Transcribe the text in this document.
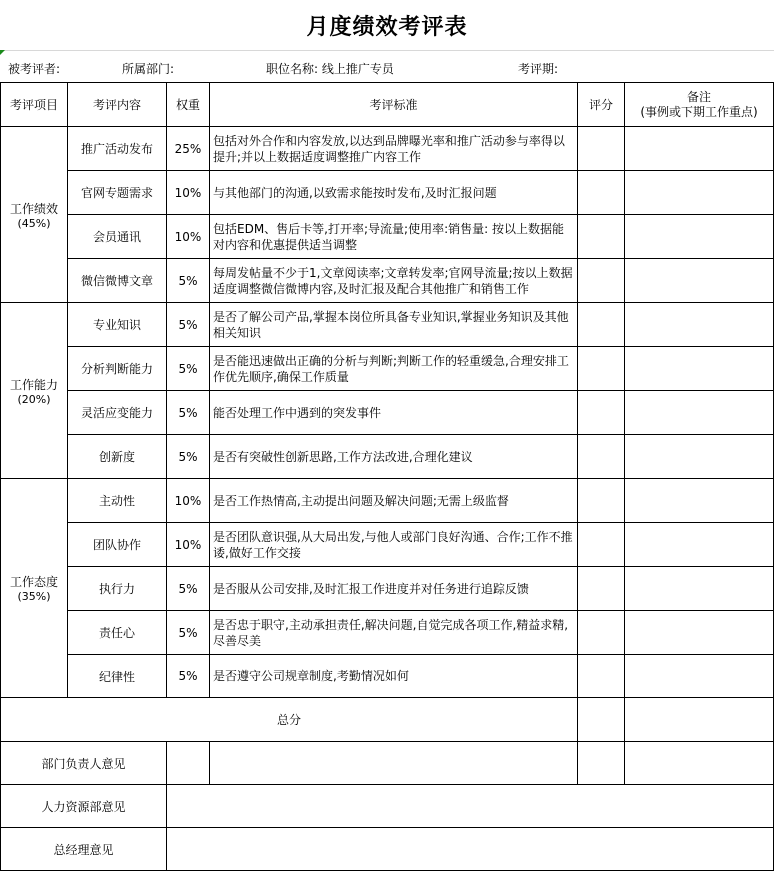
月度绩效考评表
被考评者:	所属部门:	职位名称: 线上推广专员	考评期:
考评项目	考评内容	权重	考评标准	评分	备注
(事例或下期工作重点)

工作绩效
(45%)	推广活动发布	25%	包括对外合作和内容发放,以达到品牌曝光率和推广活动参与率得以提升;并以上数据适度调整推广内容工作		
	官网专题需求	10%	与其他部门的沟通,以致需求能按时发布,及时汇报问题		
	会员通讯	10%	包括EDM、售后卡等,打开率;导流量;使用率:销售量: 按以上数据能对内容和优惠提供适当调整		
	微信微博文章	5%	每周发帖量不少于1,文章阅读率;文章转发率;官网导流量;按以上数据适度调整微信微博内容,及时汇报及配合其他推广和销售工作		

工作能力
(20%)	专业知识	5%	是否了解公司产品,掌握本岗位所具备专业知识,掌握业务知识及其他相关知识		
	分析判断能力	5%	是否能迅速做出正确的分析与判断;判断工作的轻重缓急,合理安排工作优先顺序,确保工作质量		
	灵活应变能力	5%	能否处理工作中遇到的突发事件		
	创新度	5%	是否有突破性创新思路,工作方法改进,合理化建议		

工作态度
(35%)	主动性	10%	是否工作热情高,主动提出问题及解决问题;无需上级监督		
	团队协作	10%	是否团队意识强,从大局出发,与他人或部门良好沟通、合作;工作不推诿,做好工作交接		
	执行力	5%	是否服从公司安排,及时汇报工作进度并对任务进行追踪反馈		
	责任心	5%	是否忠于职守,主动承担责任,解决问题,自觉完成各项工作,精益求精,尽善尽美		
	纪律性	5%	是否遵守公司规章制度,考勤情况如何		
总分					
部门负责人意见					
人力资源部意见					
总经理意见					
